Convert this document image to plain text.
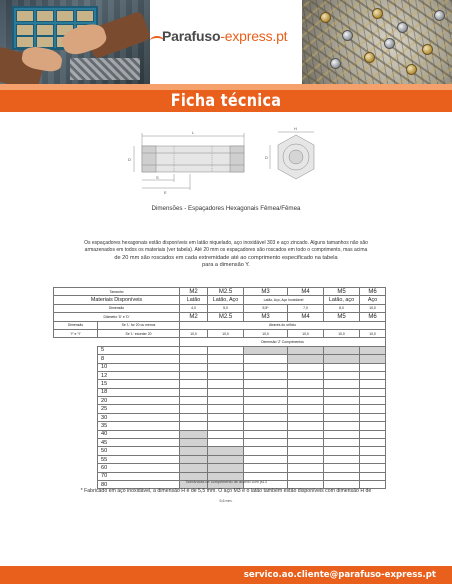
Parafuso-express.pt
Ficha técnica
L
D
S
E
H
D
Dimensões - Espaçadores Hexagonais Fêmea/Fêmea
Os espaçadores hexagonais estão disponíveis em latão niquelado, aço inoxidável 303 e aço zincado. Alguns tamanhos não são
armazenados em todos os materiais (ver tabela). Até 20 mm os espaçadores são roscados em todo o comprimento, mas acima
de 20 mm são roscados em cada extremidade até ao comprimento especificado na tabela
para a dimensão Y.
Tamanho		M2	M2.5	M3	M4	M5	M6
Materiais Disponíveis		Latão	Latão, Aço	Latão, Aço, Aço Inoxidável		Latão, aço	Aço
Dimensão		4,0	5,0	5,5*	7,0	8,0	10,0
Diâmetro 'D' e 'D'		M2	M2.5	M3	M4	M5	M6
Dimensão	Se 'L' for 20 ou menos	Através do orifício					
'Y' e 'Y'	Se 'L' exceder 20	10,0	10,0	10,0	10,0	10,0	10,0
		Dimensão 'Z' Comprimentos					
	5						
	8						
	10						
	12						
	15						
	18						
	20						
	25						
	30						
	35						
	40						
	45						
	50						
	55						
	60						
	70						
	80							Tolerâncias de comprimento de acordo com js13
* Fabricado em aço inoxidável, a dimensão H é de 5,5 mm. O aço M3 e o latão também estão disponíveis com dimensão H de
5,6 mm.
servico.ao.cliente@parafuso-express.pt
